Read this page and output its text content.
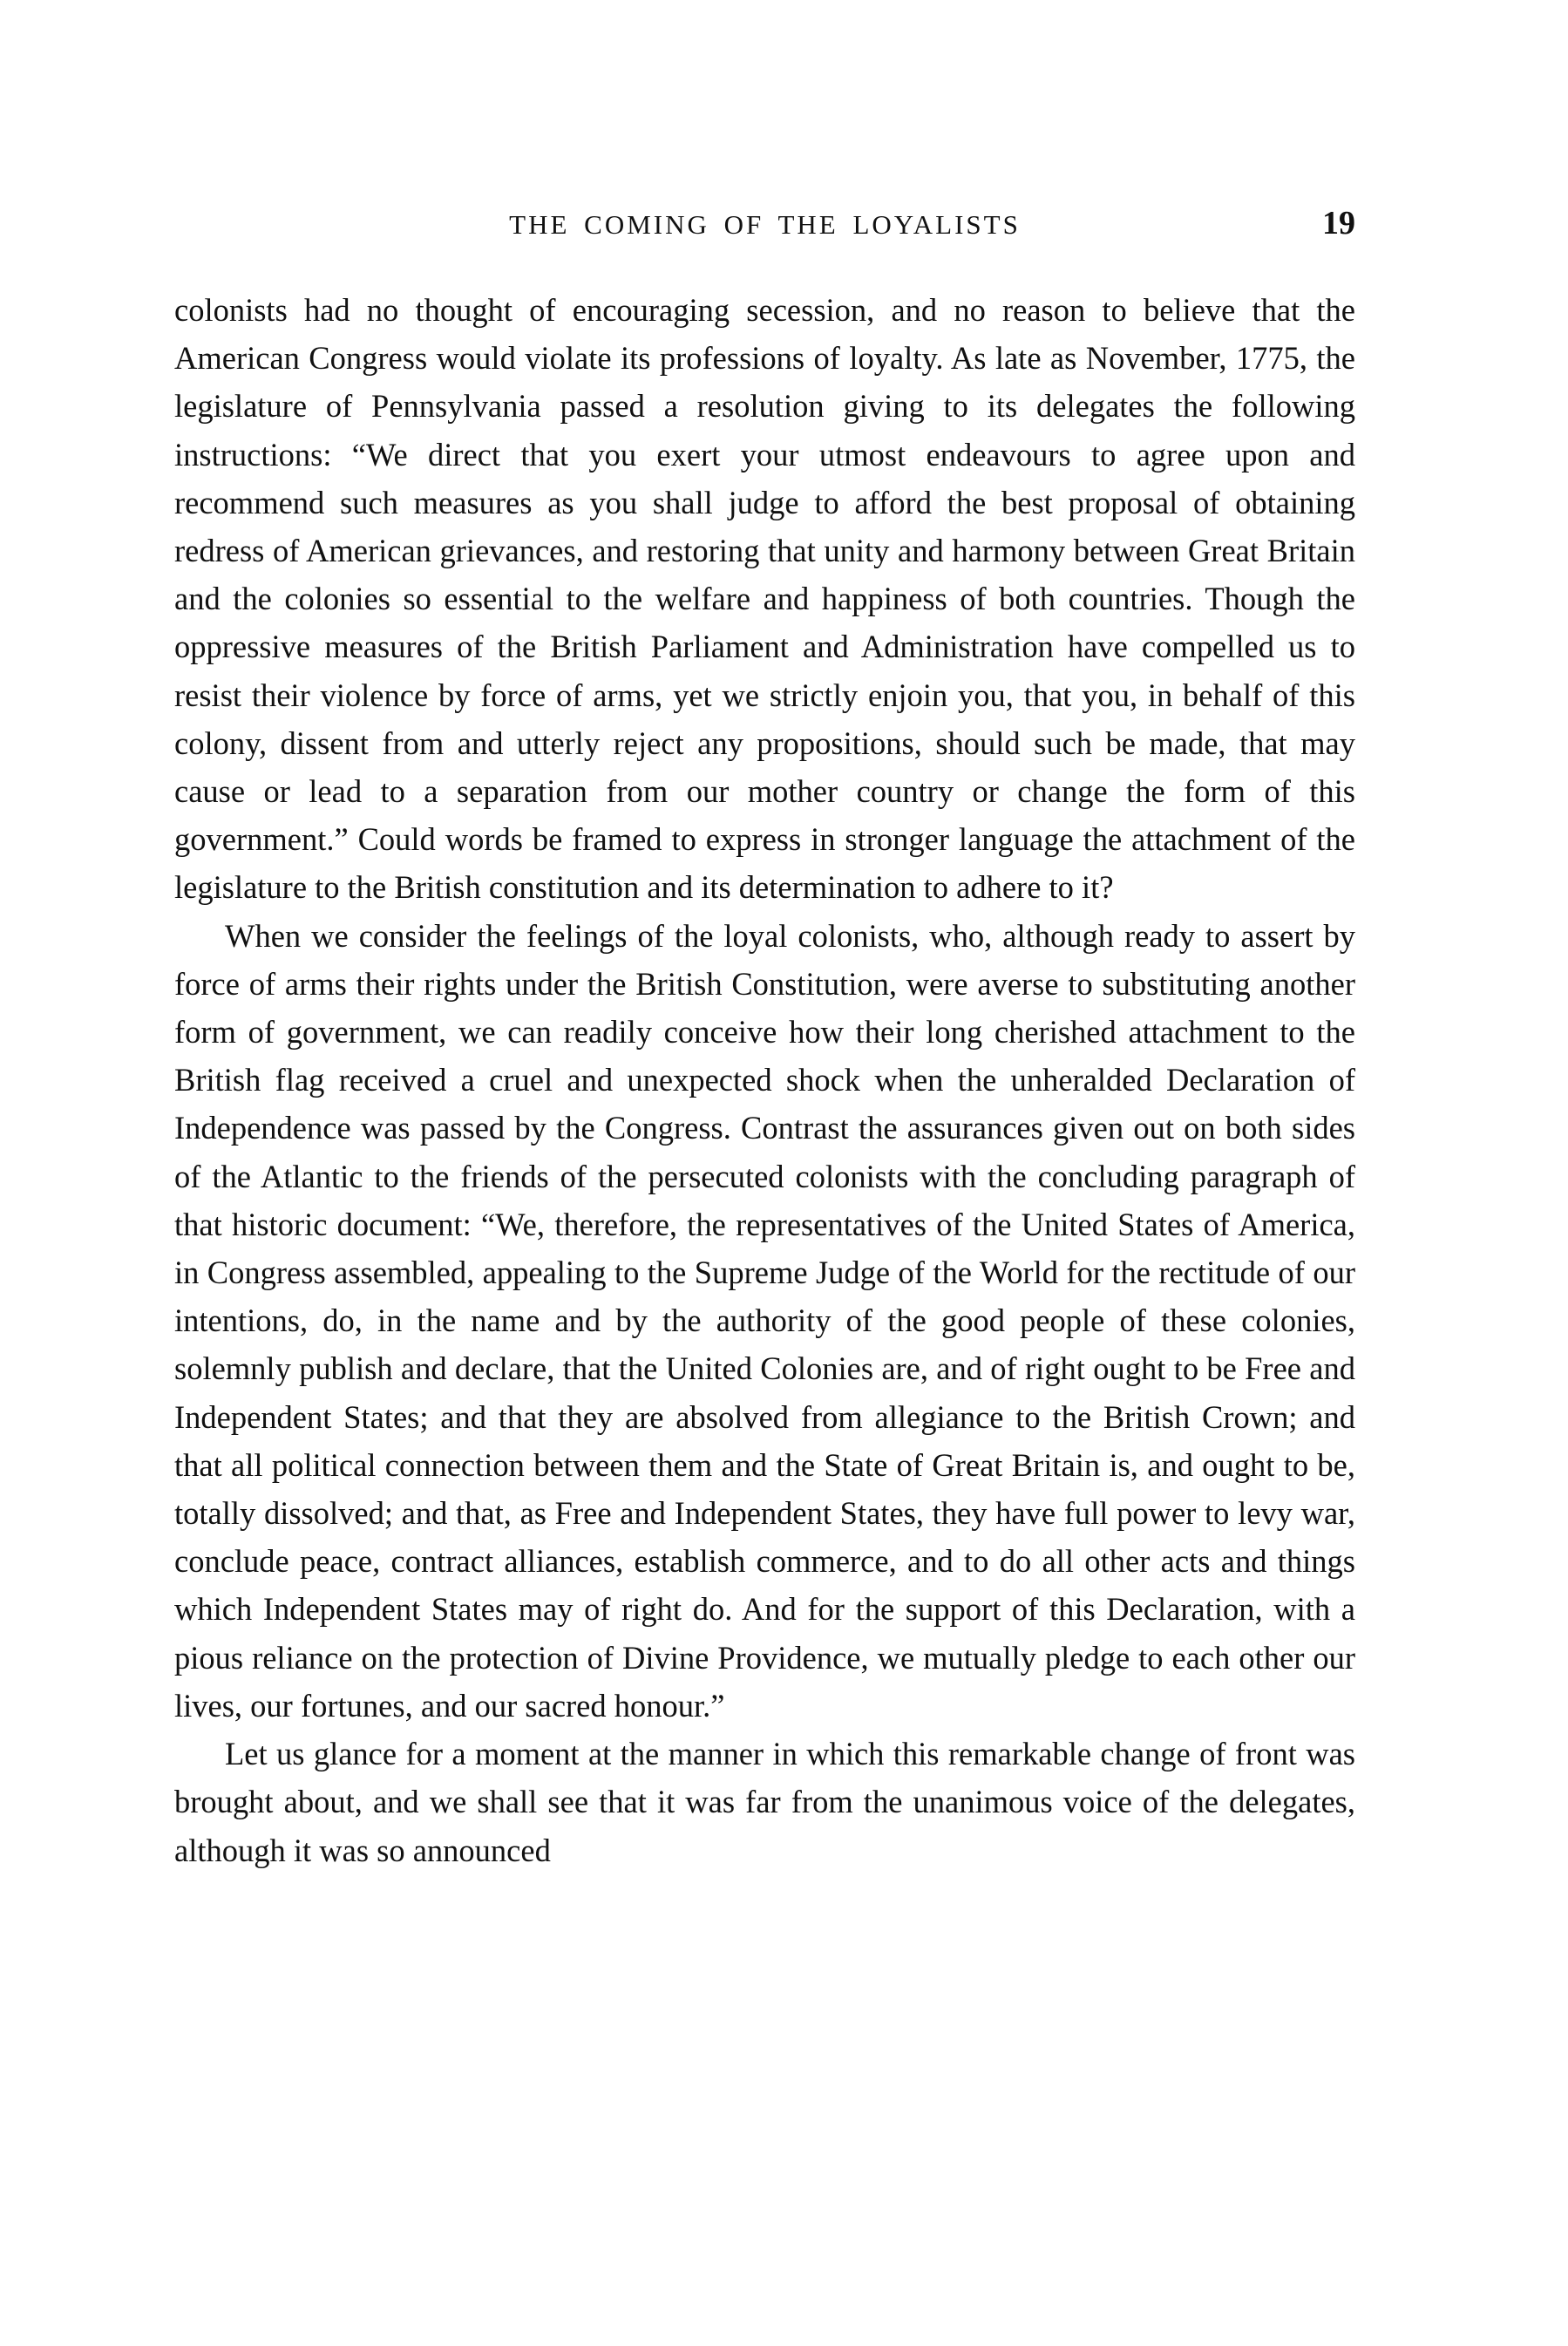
THE COMING OF THE LOYALISTS	19

colonists had no thought of encouraging secession, and no reason to believe that the American Congress would violate its professions of loyalty. As late as November, 1775, the legislature of Pennsylvania passed a resolution giving to its delegates the following instructions: “We direct that you exert your utmost endeavours to agree upon and recommend such measures as you shall judge to afford the best proposal of obtaining redress of American grievances, and restoring that unity and harmony between Great Britain and the colonies so essential to the welfare and happiness of both countries. Though the oppressive measures of the British Parliament and Administration have compelled us to resist their violence by force of arms, yet we strictly enjoin you, that you, in behalf of this colony, dissent from and utterly reject any propositions, should such be made, that may cause or lead to a separation from our mother country or change the form of this government.” Could words be framed to express in stronger language the attachment of the legislature to the British constitution and its determination to adhere to it?

When we consider the feelings of the loyal colonists, who, although ready to assert by force of arms their rights under the British Constitution, were averse to substituting another form of government, we can readily conceive how their long cherished attachment to the British flag received a cruel and unexpected shock when the unheralded Declaration of Independence was passed by the Congress. Contrast the assurances given out on both sides of the Atlantic to the friends of the persecuted colonists with the concluding paragraph of that historic document: “We, therefore, the representatives of the United States of America, in Congress assembled, appealing to the Supreme Judge of the World for the rectitude of our intentions, do, in the name and by the authority of the good people of these colonies, solemnly publish and declare, that the United Colonies are, and of right ought to be Free and Independent States; and that they are absolved from allegiance to the British Crown; and that all political connection between them and the State of Great Britain is, and ought to be, totally dissolved; and that, as Free and Independent States, they have full power to levy war, conclude peace, contract alliances, establish commerce, and to do all other acts and things which Independent States may of right do. And for the support of this Declaration, with a pious reliance on the protection of Divine Providence, we mutually pledge to each other our lives, our fortunes, and our sacred honour.”

Let us glance for a moment at the manner in which this remarkable change of front was brought about, and we shall see that it was far from the unanimous voice of the delegates, although it was so announced
